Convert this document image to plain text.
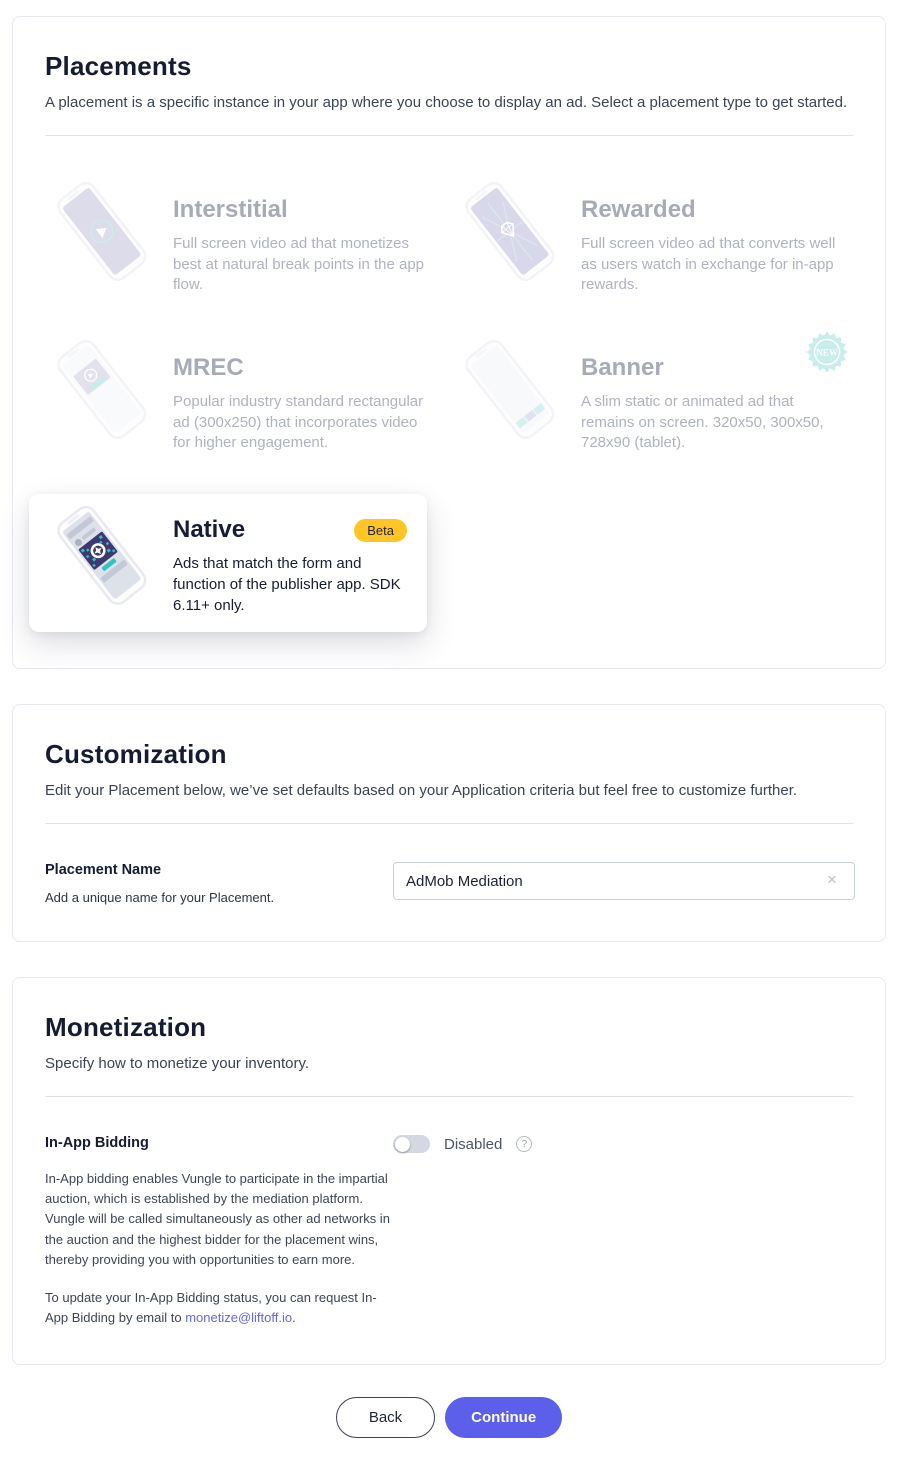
Placements

A placement is a specific instance in your app where you choose to display an ad. Select a placement type to get started.

Interstitial

Full screen video ad that monetizes best at natural break points in the app flow.

Rewarded

Full screen video ad that converts well as users watch in exchange for in-app rewards.

MREC

Popular industry standard rectangular ad (300x250) that incorporates video for higher engagement.

Banner

A slim static or animated ad that remains on screen. 320x50, 300x50, 728x90 (tablet).

NEW
Native	Beta

Ads that match the form and function of the publisher app. SDK 6.11+ only.

Customization

Edit your Placement below, we’ve set defaults based on your Application criteria but feel free to customize further.

Placement Name
Add a unique name for your Placement.
AdMob Mediation
×
Monetization

Specify how to monetize your inventory.

In-App Bidding

In-App bidding enables Vungle to participate in the impartial auction, which is established by the mediation platform. Vungle will be called simultaneously as other ad networks in the auction and the highest bidder for the placement wins, thereby providing you with opportunities to earn more.

To update your In-App Bidding status, you can request In-App Bidding by email to monetize@liftoff.io.

Disabled	?
Back	Continue
